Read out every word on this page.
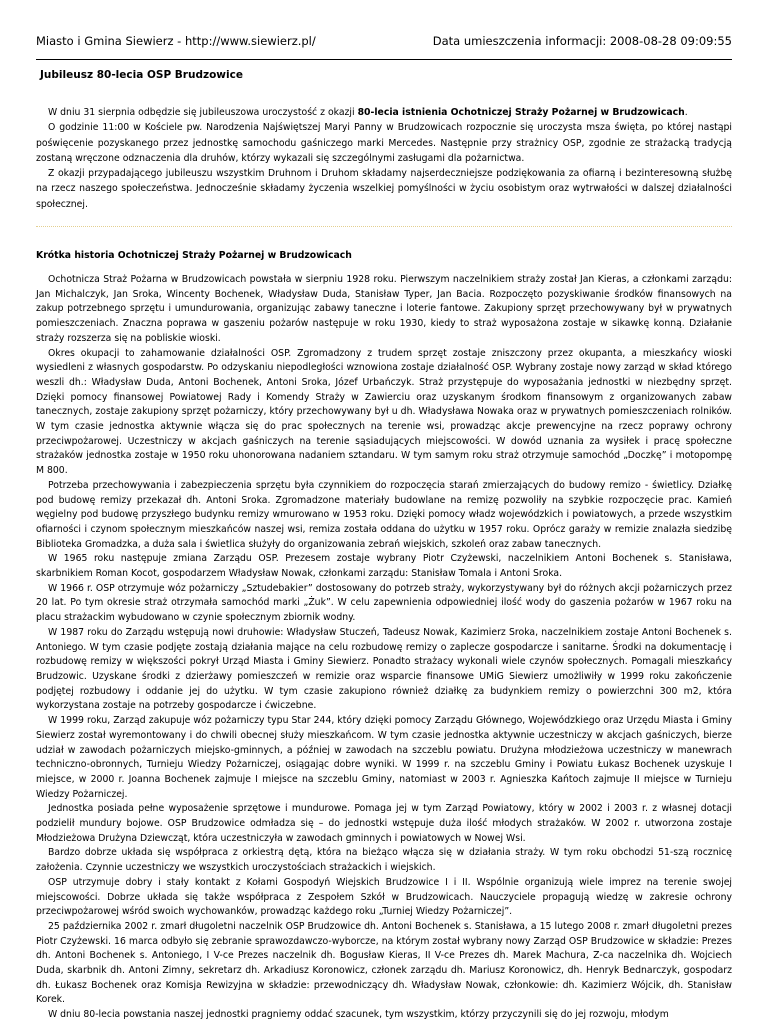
Miasto i Gmina Siewierz - http://www.siewierz.pl/	Data umieszczenia informacji: 2008-08-28 09:09:55
Jubileusz 80-lecia OSP Brudzowice

W dniu 31 sierpnia odbędzie się jubileuszowa uroczystość z okazji 80-lecia istnienia Ochotniczej Straży Pożarnej w Brudzowicach.

O godzinie 11:00 w Kościele pw. Narodzenia Najświętszej Maryi Panny w Brudzowicach rozpocznie się uroczysta msza święta, po której nastąpi poświęcenie pozyskanego przez jednostkę samochodu gaśniczego marki Mercedes. Następnie przy strażnicy OSP, zgodnie ze strażacką tradycją zostaną wręczone odznaczenia dla druhów, którzy wykazali się szczególnymi zasługami dla pożarnictwa.

Z okazji przypadającego jubileuszu wszystkim Druhnom i Druhom składamy najserdeczniejsze podziękowania za ofiarną i bezinteresowną służbę na rzecz naszego społeczeństwa. Jednocześnie składamy życzenia wszelkiej pomyślności w życiu osobistym oraz wytrwałości w dalszej działalności społecznej.

Krótka historia Ochotniczej Straży Pożarnej w Brudzowicach

Ochotnicza Straż Pożarna w Brudzowicach powstała w sierpniu 1928 roku. Pierwszym naczelnikiem straży został Jan Kieras, a członkami zarządu: Jan Michalczyk, Jan Sroka, Wincenty Bochenek, Władysław Duda, Stanisław Typer, Jan Bacia. Rozpoczęto pozyskiwanie środków finansowych na zakup potrzebnego sprzętu i umundurowania, organizując zabawy taneczne i loterie fantowe. Zakupiony sprzęt przechowywany był w prywatnych pomieszczeniach. Znaczna poprawa w gaszeniu pożarów następuje w roku 1930, kiedy to straż wyposażona zostaje w sikawkę konną. Działanie straży rozszerza się na pobliskie wioski.

Okres okupacji to zahamowanie działalności OSP. Zgromadzony z trudem sprzęt zostaje zniszczony przez okupanta, a mieszkańcy wioski wysiedleni z własnych gospodarstw. Po odzyskaniu niepodległości wznowiona zostaje działalność OSP. Wybrany zostaje nowy zarząd w skład którego weszli dh.: Władysław Duda, Antoni Bochenek, Antoni Sroka, Józef Urbańczyk. Straż przystępuje do wyposażania jednostki w niezbędny sprzęt. Dzięki pomocy finansowej Powiatowej Rady i Komendy Straży w Zawierciu oraz uzyskanym środkom finansowym z organizowanych zabaw tanecznych, zostaje zakupiony sprzęt pożarniczy, który przechowywany był u dh. Władysława Nowaka oraz w prywatnych pomieszczeniach rolników. W tym czasie jednostka aktywnie włącza się do prac społecznych na terenie wsi, prowadząc akcje prewencyjne na rzecz poprawy ochrony przeciwpożarowej. Uczestniczy w akcjach gaśniczych na terenie sąsiadujących miejscowości. W dowód uznania za wysiłek i pracę społeczne strażaków jednostka zostaje w 1950 roku uhonorowana nadaniem sztandaru. W tym samym roku straż otrzymuje samochód „Doczkę” i motopompę M 800.

Potrzeba przechowywania i zabezpieczenia sprzętu była czynnikiem do rozpoczęcia starań zmierzających do budowy remizo - świetlicy. Działkę pod budowę remizy przekazał dh. Antoni Sroka. Zgromadzone materiały budowlane na remizę pozwoliły na szybkie rozpoczęcie prac. Kamień węgielny pod budowę przyszłego budynku remizy wmurowano w 1953 roku. Dzięki pomocy władz wojewódzkich i powiatowych, a przede wszystkim ofiarności i czynom społecznym mieszkańców naszej wsi, remiza została oddana do użytku w 1957 roku. Oprócz garaży w remizie znalazła siedzibę Biblioteka Gromadzka, a duża sala i świetlica służyły do organizowania zebrań wiejskich, szkoleń oraz zabaw tanecznych.

W 1965 roku następuje zmiana Zarządu OSP. Prezesem zostaje wybrany Piotr Czyżewski, naczelnikiem Antoni Bochenek s. Stanisława, skarbnikiem Roman Kocot, gospodarzem Władysław Nowak, członkami zarządu: Stanisław Tomala i Antoni Sroka.

W 1966 r. OSP otrzymuje wóz pożarniczy „Sztudebakier” dostosowany do potrzeb straży, wykorzystywany był do różnych akcji pożarniczych przez 20 lat. Po tym okresie straż otrzymała samochód marki „Żuk”. W celu zapewnienia odpowiedniej ilość wody do gaszenia pożarów w 1967 roku na placu strażackim wybudowano w czynie społecznym zbiornik wodny.

W 1987 roku do Zarządu wstępują nowi druhowie: Władysław Stuczeń, Tadeusz Nowak, Kazimierz Sroka, naczelnikiem zostaje Antoni Bochenek s. Antoniego. W tym czasie podjęte zostają działania mające na celu rozbudowę remizy o zaplecze gospodarcze i sanitarne. Środki na dokumentację i rozbudowę remizy w większości pokrył Urząd Miasta i Gminy Siewierz. Ponadto strażacy wykonali wiele czynów społecznych. Pomagali mieszkańcy Brudzowic. Uzyskane środki z dzierżawy pomieszczeń w remizie oraz wsparcie finansowe UMiG Siewierz umożliwiły w 1999 roku zakończenie podjętej rozbudowy i oddanie jej do użytku. W tym czasie zakupiono również działkę za budynkiem remizy o powierzchni 300 m2, która wykorzystana zostaje na potrzeby gospodarcze i ćwiczebne.

W 1999 roku, Zarząd zakupuje wóz pożarniczy typu Star 244, który dzięki pomocy Zarządu Głównego, Wojewódzkiego oraz Urzędu Miasta i Gminy Siewierz został wyremontowany i do chwili obecnej służy mieszkańcom. W tym czasie jednostka aktywnie uczestniczy w akcjach gaśniczych, bierze udział w zawodach pożarniczych miejsko-gminnych, a później w zawodach na szczeblu powiatu. Drużyna młodzieżowa uczestniczy w manewrach techniczno-obronnych, Turnieju Wiedzy Pożarniczej, osiągając dobre wyniki. W 1999 r. na szczeblu Gminy i Powiatu Łukasz Bochenek uzyskuje I miejsce, w 2000 r. Joanna Bochenek zajmuje I miejsce na szczeblu Gminy, natomiast w 2003 r. Agnieszka Kańtoch zajmuje II miejsce w Turnieju Wiedzy Pożarniczej.

Jednostka posiada pełne wyposażenie sprzętowe i mundurowe. Pomaga jej w tym Zarząd Powiatowy, który w 2002 i 2003 r. z własnej dotacji podzielił mundury bojowe. OSP Brudzowice odmładza się – do jednostki wstępuje duża ilość młodych strażaków. W 2002 r. utworzona zostaje Młodzieżowa Drużyna Dziewcząt, która uczestniczyła w zawodach gminnych i powiatowych w Nowej Wsi.

Bardzo dobrze układa się współpraca z orkiestrą dętą, która na bieżąco włącza się w działania straży. W tym roku obchodzi 51-szą rocznicę założenia. Czynnie uczestniczy we wszystkich uroczystościach strażackich i wiejskich.

OSP utrzymuje dobry i stały kontakt z Kołami Gospodyń Wiejskich Brudzowice I i II. Wspólnie organizują wiele imprez na terenie swojej miejscowości. Dobrze układa się także współpraca z Zespołem Szkół w Brudzowicach. Nauczyciele propagują wiedzę w zakresie ochrony przeciwpożarowej wśród swoich wychowanków, prowadząc każdego roku „Turniej Wiedzy Pożarniczej”.

25 października 2002 r. zmarł długoletni naczelnik OSP Brudzowice dh. Antoni Bochenek s. Stanisława, a 15 lutego 2008 r. zmarł długoletni prezes Piotr Czyżewski. 16 marca odbyło się zebranie sprawozdawczo-wyborcze, na którym został wybrany nowy Zarząd OSP Brudzowice w składzie: Prezes dh. Antoni Bochenek s. Antoniego, I V-ce Prezes naczelnik dh. Bogusław Kieras, II V-ce Prezes dh. Marek Machura, Z-ca naczelnika dh. Wojciech Duda, skarbnik dh. Antoni Zimny, sekretarz dh. Arkadiusz Koronowicz, członek zarządu dh. Mariusz Koronowicz, dh. Henryk Bednarczyk, gospodarz dh. Łukasz Bochenek oraz Komisja Rewizyjna w składzie: przewodniczący dh. Władysław Nowak, członkowie: dh. Kazimierz Wójcik, dh. Stanisław Korek.

W dniu 80-lecia powstania naszej jednostki pragniemy oddać szacunek, tym wszystkim, którzy przyczynili się do jej rozwoju, młodym
